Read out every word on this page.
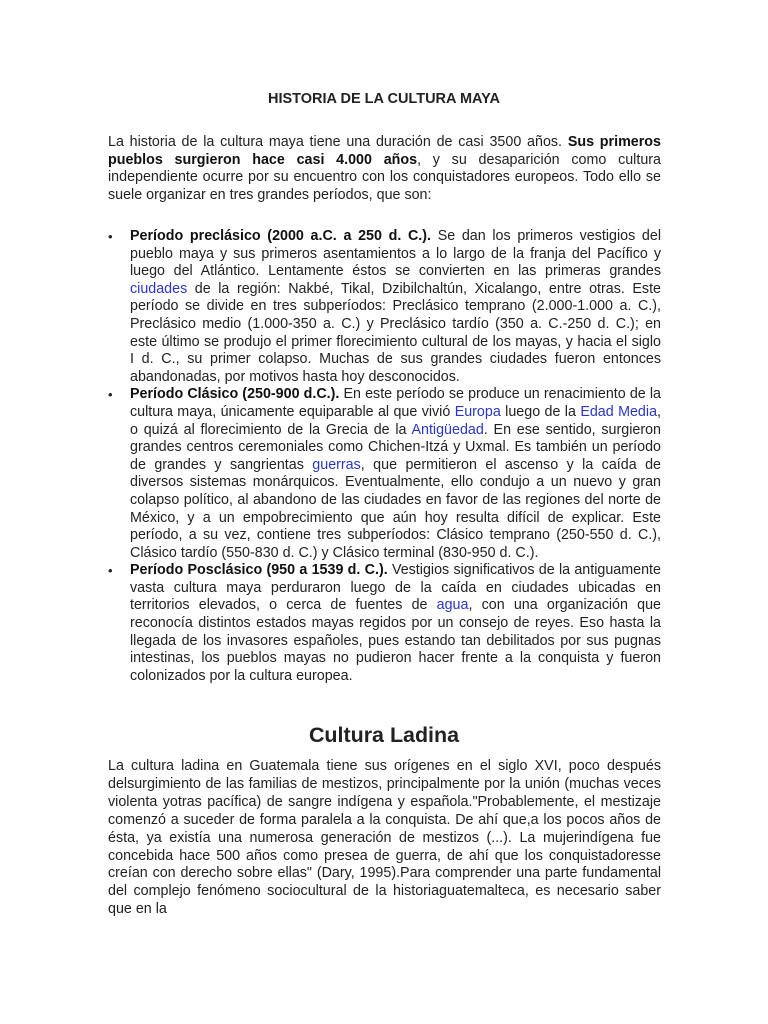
HISTORIA DE LA CULTURA MAYA

La historia de la cultura maya tiene una duración de casi 3500 años. Sus primeros pueblos surgieron hace casi 4.000 años, y su desaparición como cultura independiente ocurre por su encuentro con los conquistadores europeos. Todo ello se suele organizar en tres grandes períodos, que son:

•	Período preclásico (2000 a.C. a 250 d. C.). Se dan los primeros vestigios del pueblo maya y sus primeros asentamientos a lo largo de la franja del Pacífico y luego del Atlántico. Lentamente éstos se convierten en las primeras grandes ciudades de la región: Nakbé, Tikal, Dzibilchaltún, Xicalango, entre otras. Este período se divide en tres subperíodos: Preclásico temprano (2.000-1.000 a. C.), Preclásico medio (1.000-350 a. C.) y Preclásico tardío (350 a. C.-250 d. C.); en este último se produjo el primer florecimiento cultural de los mayas, y hacia el siglo I d. C., su primer colapso. Muchas de sus grandes ciudades fueron entonces abandonadas, por motivos hasta hoy desconocidos.
•	Período Clásico (250-900 d.C.). En este período se produce un renacimiento de la cultura maya, únicamente equiparable al que vivió Europa luego de la Edad Media, o quizá al florecimiento de la Grecia de la Antigüedad. En ese sentido, surgieron grandes centros ceremoniales como Chichen-Itzá y Uxmal. Es también un período de grandes y sangrientas guerras, que permitieron el ascenso y la caída de diversos sistemas monárquicos. Eventualmente, ello condujo a un nuevo y gran colapso político, al abandono de las ciudades en favor de las regiones del norte de México, y a un empobrecimiento que aún hoy resulta difícil de explicar. Este período, a su vez, contiene tres subperíodos: Clásico temprano (250-550 d. C.), Clásico tardío (550-830 d. C.) y Clásico terminal (830-950 d. C.).
•	Período Posclásico (950 a 1539 d. C.). Vestigios significativos de la antiguamente vasta cultura maya perduraron luego de la caída en ciudades ubicadas en territorios elevados, o cerca de fuentes de agua, con una organización que reconocía distintos estados mayas regidos por un consejo de reyes. Eso hasta la llegada de los invasores españoles, pues estando tan debilitados por sus pugnas intestinas, los pueblos mayas no pudieron hacer frente a la conquista y fueron colonizados por la cultura europea.
Cultura Ladina

La cultura ladina en Guatemala tiene sus orígenes en el siglo XVI, poco después delsurgimiento de las familias de mestizos, principalmente por la unión (muchas veces violenta yotras pacífica) de sangre indígena y española."Probablemente, el mestizaje comenzó a suceder de forma paralela a la conquista. De ahí que,a los pocos años de ésta, ya existía una numerosa generación de mestizos (...). La mujerindígena fue concebida hace 500 años como presea de guerra, de ahí que los conquistadoresse creían con derecho sobre ellas" (Dary, 1995).Para comprender una parte fundamental del complejo fenómeno sociocultural de la historiaguatemalteca, es necesario saber que en la
